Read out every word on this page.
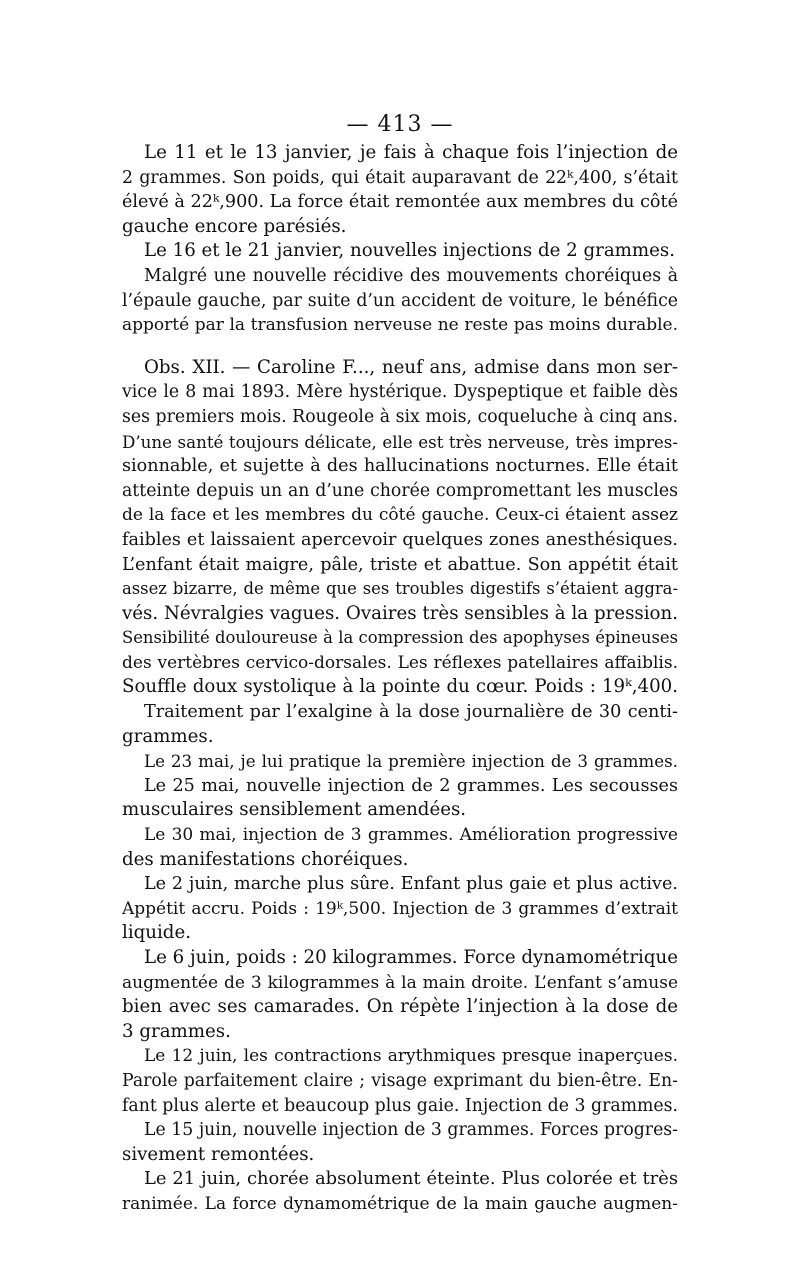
— 413 —
Le 11 et le 13 janvier, je fais à chaque fois l’injection de
2 grammes. Son poids, qui était auparavant de 22ᵏ,400, s’était
élevé à 22ᵏ,900. La force était remontée aux membres du côté
gauche encore parésiés.
Le 16 et le 21 janvier, nouvelles injections de 2 grammes.
Malgré une nouvelle récidive des mouvements choréiques à
l’épaule gauche, par suite d’un accident de voiture, le bénéfice
apporté par la transfusion nerveuse ne reste pas moins durable.
Obs. XII. — Caroline F..., neuf ans, admise dans mon ser-
vice le 8 mai 1893. Mère hystérique. Dyspeptique et faible dès
ses premiers mois. Rougeole à six mois, coqueluche à cinq ans.
D’une santé toujours délicate, elle est très nerveuse, très impres-
sionnable, et sujette à des hallucinations nocturnes. Elle était
atteinte depuis un an d’une chorée compromettant les muscles
de la face et les membres du côté gauche. Ceux-ci étaient assez
faibles et laissaient apercevoir quelques zones anesthésiques.
L’enfant était maigre, pâle, triste et abattue. Son appétit était
assez bizarre, de même que ses troubles digestifs s’étaient aggra-
vés. Névralgies vagues. Ovaires très sensibles à la pression.
Sensibilité douloureuse à la compression des apophyses épineuses
des vertèbres cervico-dorsales. Les réflexes patellaires affaiblis.
Souffle doux systolique à la pointe du cœur. Poids : 19ᵏ,400.
Traitement par l’exalgine à la dose journalière de 30 centi-
grammes.
Le 23 mai, je lui pratique la première injection de 3 grammes.
Le 25 mai, nouvelle injection de 2 grammes. Les secousses
musculaires sensiblement amendées.
Le 30 mai, injection de 3 grammes. Amélioration progressive
des manifestations choréiques.
Le 2 juin, marche plus sûre. Enfant plus gaie et plus active.
Appétit accru. Poids : 19ᵏ,500. Injection de 3 grammes d’extrait
liquide.
Le 6 juin, poids : 20 kilogrammes. Force dynamométrique
augmentée de 3 kilogrammes à la main droite. L’enfant s’amuse
bien avec ses camarades. On répète l’injection à la dose de
3 grammes.
Le 12 juin, les contractions arythmiques presque inaperçues.
Parole parfaitement claire ; visage exprimant du bien-être. En-
fant plus alerte et beaucoup plus gaie. Injection de 3 grammes.
Le 15 juin, nouvelle injection de 3 grammes. Forces progres-
sivement remontées.
Le 21 juin, chorée absolument éteinte. Plus colorée et très
ranimée. La force dynamométrique de la main gauche augmen-
